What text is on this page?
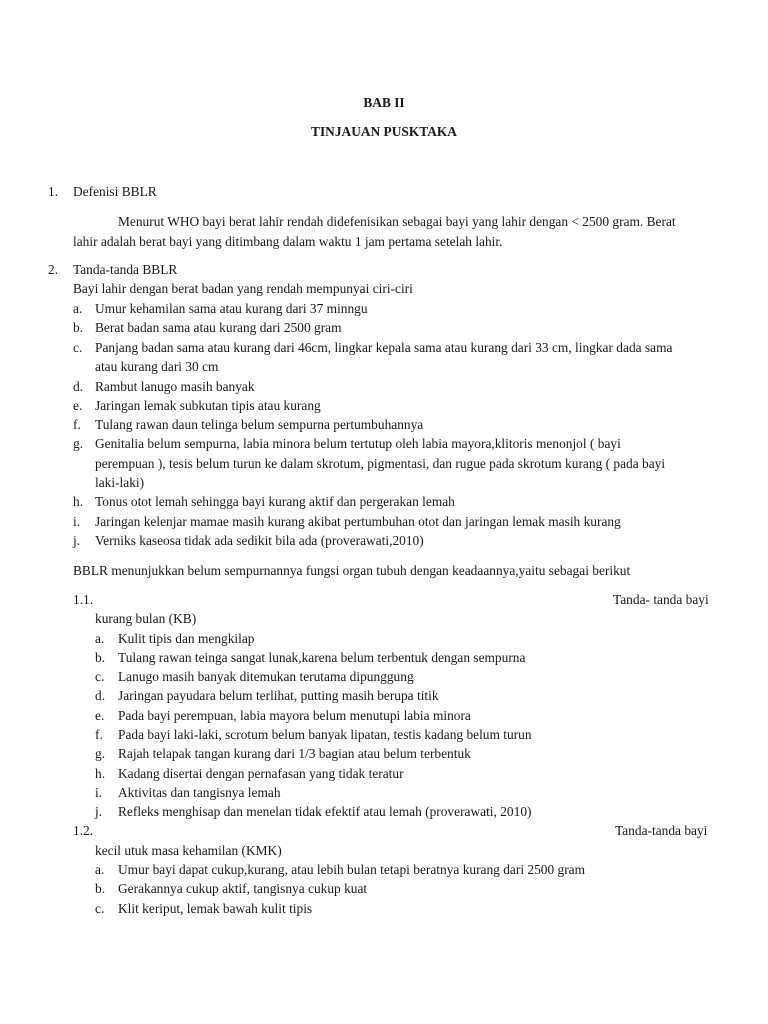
BAB II
TINJAUAN PUSKTAKA
1. Defenisi BBLR
Menurut WHO bayi berat lahir rendah didefenisikan sebagai bayi yang lahir dengan < 2500 gram. Berat
lahir adalah berat bayi yang ditimbang dalam waktu 1 jam pertama setelah lahir.
2. Tanda-tanda BBLR
Bayi lahir dengan berat badan yang rendah mempunyai ciri-ciri
a. Umur kehamilan sama atau kurang dari 37 minngu
b. Berat badan sama atau kurang dari 2500 gram
c. Panjang badan sama atau kurang dari 46cm, lingkar kepala sama atau kurang dari 33 cm, lingkar dada sama
atau kurang dari 30 cm
d. Rambut lanugo masih banyak
e. Jaringan lemak subkutan tipis atau kurang
f. Tulang rawan daun telinga belum sempurna pertumbuhannya
g. Genitalia belum sempurna, labia minora belum tertutup oleh labia mayora,klitoris menonjol ( bayi
perempuan ), tesis belum turun ke dalam skrotum, pigmentasi, dan rugue pada skrotum kurang ( pada bayi
laki-laki)
h. Tonus otot lemah sehingga bayi kurang aktif dan pergerakan lemah
i. Jaringan kelenjar mamae masih kurang akibat pertumbuhan otot dan jaringan lemak masih kurang
j. Verniks kaseosa tidak ada sedikit bila ada (proverawati,2010)
BBLR menunjukkan belum sempurnannya fungsi organ tubuh dengan keadaannya,yaitu sebagai berikut
1.1.	Tanda- tanda bayi
kurang bulan (KB)
a. Kulit tipis dan mengkilap
b. Tulang rawan teinga sangat lunak,karena belum terbentuk dengan sempurna
c. Lanugo masih banyak ditemukan terutama dipunggung
d. Jaringan payudara belum terlihat, putting masih berupa titik
e. Pada bayi perempuan, labia mayora belum menutupi labia minora
f. Pada bayi laki-laki, scrotum belum banyak lipatan, testis kadang belum turun
g. Rajah telapak tangan kurang dari 1/3 bagian atau belum terbentuk
h. Kadang disertai dengan pernafasan yang tidak teratur
i. Aktivitas dan tangisnya lemah
j. Refleks menghisap dan menelan tidak efektif atau lemah (proverawati, 2010)
1.2.	Tanda-tanda bayi
kecil utuk masa kehamilan (KMK)
a. Umur bayi dapat cukup,kurang, atau lebih bulan tetapi beratnya kurang dari 2500 gram
b. Gerakannya cukup aktif, tangisnya cukup kuat
c. Klit keriput, lemak bawah kulit tipis
